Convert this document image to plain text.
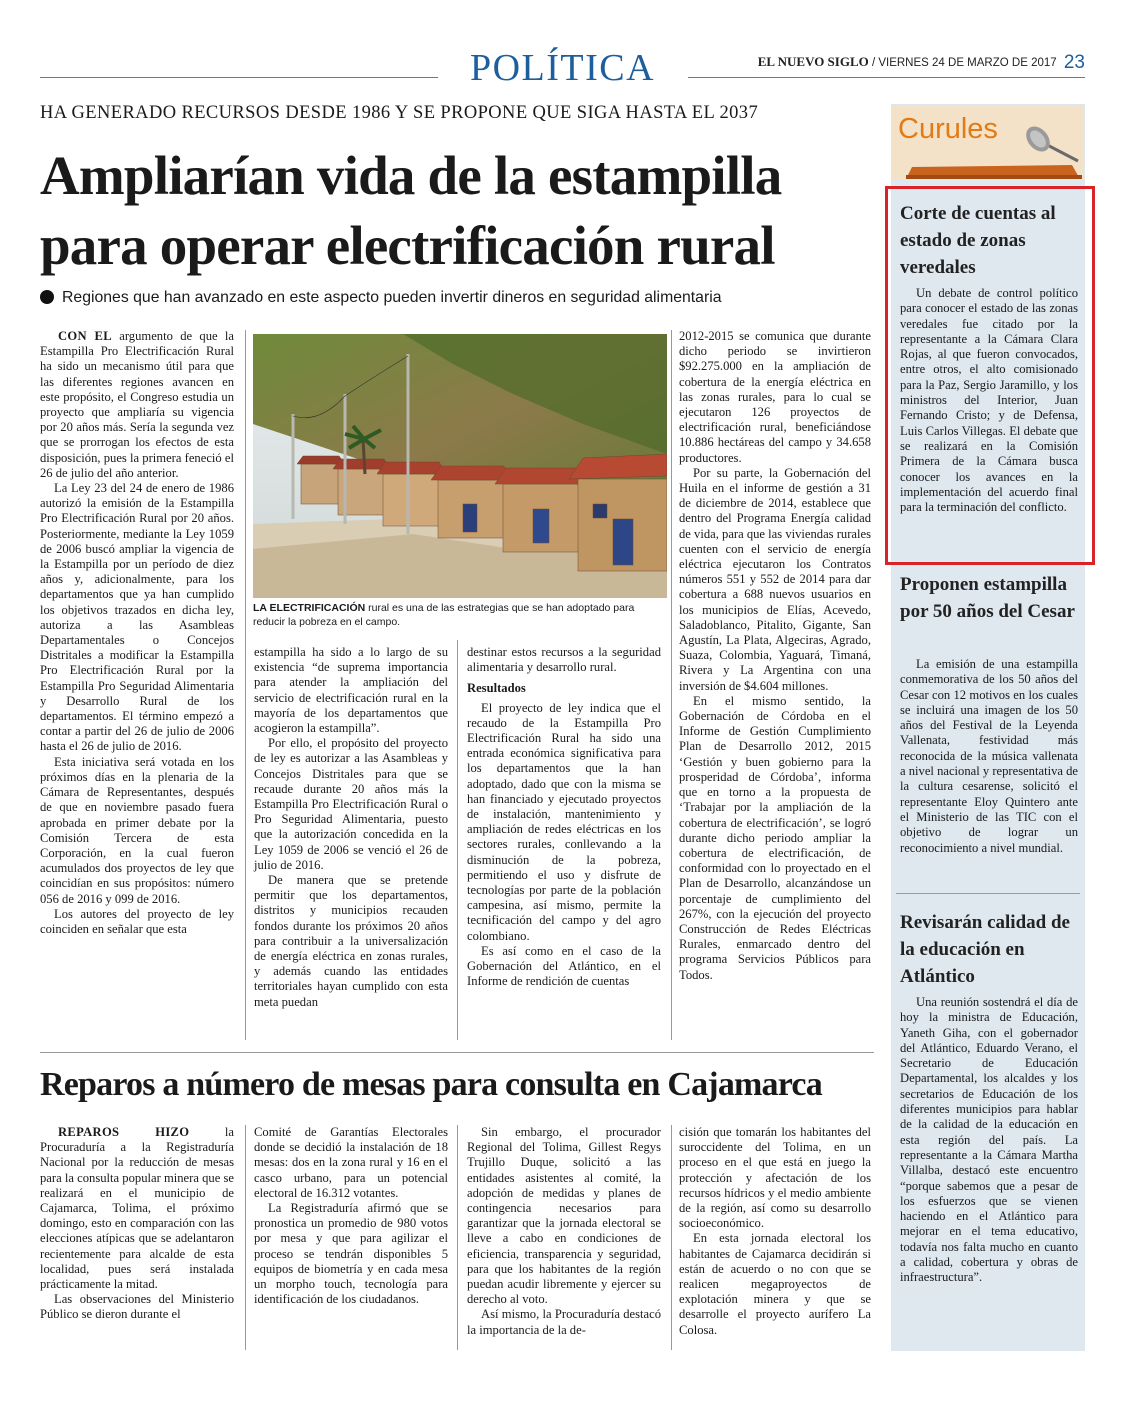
POLÍTICA	EL NUEVO SIGLO / VIERNES 24 DE MARZO DE 2017 23
HA GENERADO RECURSOS DESDE 1986 Y SE PROPONE QUE SIGA HASTA EL 2037
Ampliarían vida de la estampilla
para operar electrificación rural
Regiones que han avanzado en este aspecto pueden invertir dineros en seguridad alimentaria

CON EL argumento de que la Estampilla Pro Electrificación Rural ha sido un mecanismo útil para que las diferentes regiones avancen en este propósito, el Congreso estudia un proyecto que ampliaría su vigencia por 20 años más. Sería la segunda vez que se prorrogan los efectos de esta disposición, pues la primera feneció el 26 de julio del año anterior.

La Ley 23 del 24 de enero de 1986 autorizó la emisión de la Estampilla Pro Electrificación Rural por 20 años. Posteriormente, mediante la Ley 1059 de 2006 buscó ampliar la vigencia de la Estampilla por un período de diez años y, adicionalmente, para los departamentos que ya han cumplido los objetivos trazados en dicha ley, autoriza a las Asambleas Departamentales o Concejos Distritales a modificar la Estampilla Pro Electrificación Rural por la Estampilla Pro Seguridad Alimentaria y Desarrollo Rural de los departamentos. El término empezó a contar a partir del 26 de julio de 2006 hasta el 26 de julio de 2016.

Esta iniciativa será votada en los próximos días en la plenaria de la Cámara de Representantes, después de que en noviembre pasado fuera aprobada en primer debate por la Comisión Tercera de esta Corporación, en la cual fueron acumulados dos proyectos de ley que coincidían en sus propósitos: número 056 de 2016 y 099 de 2016.

Los autores del proyecto de ley coinciden en señalar que esta

LA ELECTRIFICACIÓN rural es una de las estrategias que se han adoptado para reducir la pobreza en el campo.

estampilla ha sido a lo largo de su existencia “de suprema importancia para atender la ampliación del servicio de electrificación rural en la mayoría de los departamentos que acogieron la estampilla”.

Por ello, el propósito del proyecto de ley es autorizar a las Asambleas y Concejos Distritales para que se recaude durante 20 años más la Estampilla Pro Electrificación Rural o Pro Seguridad Alimentaria, puesto que la autorización concedida en la Ley 1059 de 2006 se venció el 26 de julio de 2016.

De manera que se pretende permitir que los departamentos, distritos y municipios recauden fondos durante los próximos 20 años para contribuir a la universalización de energía eléctrica en zonas rurales, y además cuando las entidades territoriales hayan cumplido con esta meta puedan

destinar estos recursos a la seguridad alimentaria y desarrollo rural.

Resultados

El proyecto de ley indica que el recaudo de la Estampilla Pro Electrificación Rural ha sido una entrada económica significativa para los departamentos que la han adoptado, dado que con la misma se han financiado y ejecutado proyectos de instalación, mantenimiento y ampliación de redes eléctricas en los sectores rurales, conllevando a la disminución de la pobreza, permitiendo el uso y disfrute de tecnologías por parte de la población campesina, así mismo, permite la tecnificación del campo y del agro colombiano.

Es así como en el caso de la Gobernación del Atlántico, en el Informe de rendición de cuentas

2012-2015 se comunica que durante dicho periodo se invirtieron $92.275.000 en la ampliación de cobertura de la energía eléctrica en las zonas rurales, para lo cual se ejecutaron 126 proyectos de electrificación rural, beneficiándose 10.886 hectáreas del campo y 34.658 productores.

Por su parte, la Gobernación del Huila en el informe de gestión a 31 de diciembre de 2014, establece que dentro del Programa Energía calidad de vida, para que las viviendas rurales cuenten con el servicio de energía eléctrica ejecutaron los Contratos números 551 y 552 de 2014 para dar cobertura a 688 nuevos usuarios en los municipios de Elías, Acevedo, Saladoblanco, Pitalito, Gigante, San Agustín, La Plata, Algeciras, Agrado, Suaza, Colombia, Yaguará, Timaná, Rivera y La Argentina con una inversión de $4.604 millones.

En el mismo sentido, la Gobernación de Córdoba en el Informe de Gestión Cumplimiento Plan de Desarrollo 2012, 2015 ‘Gestión y buen gobierno para la prosperidad de Córdoba’, informa que en torno a la propuesta de ‘Trabajar por la ampliación de la cobertura de electrificación’, se logró durante dicho periodo ampliar la cobertura de electrificación, de conformidad con lo proyectado en el Plan de Desarrollo, alcanzándose un porcentaje de cumplimiento del 267%, con la ejecución del proyecto Construcción de Redes Eléctricas Rurales, enmarcado dentro del programa Servicios Públicos para Todos.

Reparos a número de mesas para consulta en Cajamarca

REPAROS HIZO la Procuraduría a la Registraduría Nacional por la reducción de mesas para la consulta popular minera que se realizará en el municipio de Cajamarca, Tolima, el próximo domingo, esto en comparación con las elecciones atípicas que se adelantaron recientemente para alcalde de esta localidad, pues será instalada prácticamente la mitad.

Las observaciones del Ministerio Público se dieron durante el

Comité de Garantías Electorales donde se decidió la instalación de 18 mesas: dos en la zona rural y 16 en el casco urbano, para un potencial electoral de 16.312 votantes.

La Registraduría afirmó que se pronostica un promedio de 980 votos por mesa y que para agilizar el proceso se tendrán disponibles 5 equipos de biometría y en cada mesa un morpho touch, tecnología para identificación de los ciudadanos.

Sin embargo, el procurador Regional del Tolima, Gillest Regys Trujillo Duque, solicitó a las entidades asistentes al comité, la adopción de medidas y planes de contingencia necesarios para garantizar que la jornada electoral se lleve a cabo en condiciones de eficiencia, transparencia y seguridad, para que los habitantes de la región puedan acudir libremente y ejercer su derecho al voto.

Así mismo, la Procuraduría destacó la importancia de la de-

cisión que tomarán los habitantes del suroccidente del Tolima, en un proceso en el que está en juego la protección y afectación de los recursos hídricos y el medio ambiente de la región, así como su desarrollo socioeconómico.

En esta jornada electoral los habitantes de Cajamarca decidirán si están de acuerdo o no con que se realicen megaproyectos de explotación minera y que se desarrolle el proyecto aurífero La Colosa.

Curules
Corte de cuentas al estado de zonas veredales

Un debate de control político para conocer el estado de las zonas veredales fue citado por la representante a la Cámara Clara Rojas, al que fueron convocados, entre otros, el alto comisionado para la Paz, Sergio Jaramillo, y los ministros del Interior, Juan Fernando Cristo; y de Defensa, Luis Carlos Villegas. El debate que se realizará en la Comisión Primera de la Cámara busca conocer los avances en la implementación del acuerdo final para la terminación del conflicto.

Proponen estampilla por 50 años del Cesar

La emisión de una estampilla conmemorativa de los 50 años del Cesar con 12 motivos en los cuales se incluirá una imagen de los 50 años del Festival de la Leyenda Vallenata, festividad más reconocida de la música vallenata a nivel nacional y representativa de la cultura cesarense, solicitó el representante Eloy Quintero ante el Ministerio de las TIC con el objetivo de lograr un reconocimiento a nivel mundial.

Revisarán calidad de la educación en Atlántico

Una reunión sostendrá el día de hoy la ministra de Educación, Yaneth Giha, con el gobernador del Atlántico, Eduardo Verano, el Secretario de Educación Departamental, los alcaldes y los secretarios de Educación de los diferentes municipios para hablar de la calidad de la educación en esta región del país. La representante a la Cámara Martha Villalba, destacó este encuentro “porque sabemos que a pesar de los esfuerzos que se vienen haciendo en el Atlántico para mejorar en el tema educativo, todavía nos falta mucho en cuanto a calidad, cobertura y obras de infraestructura”.
